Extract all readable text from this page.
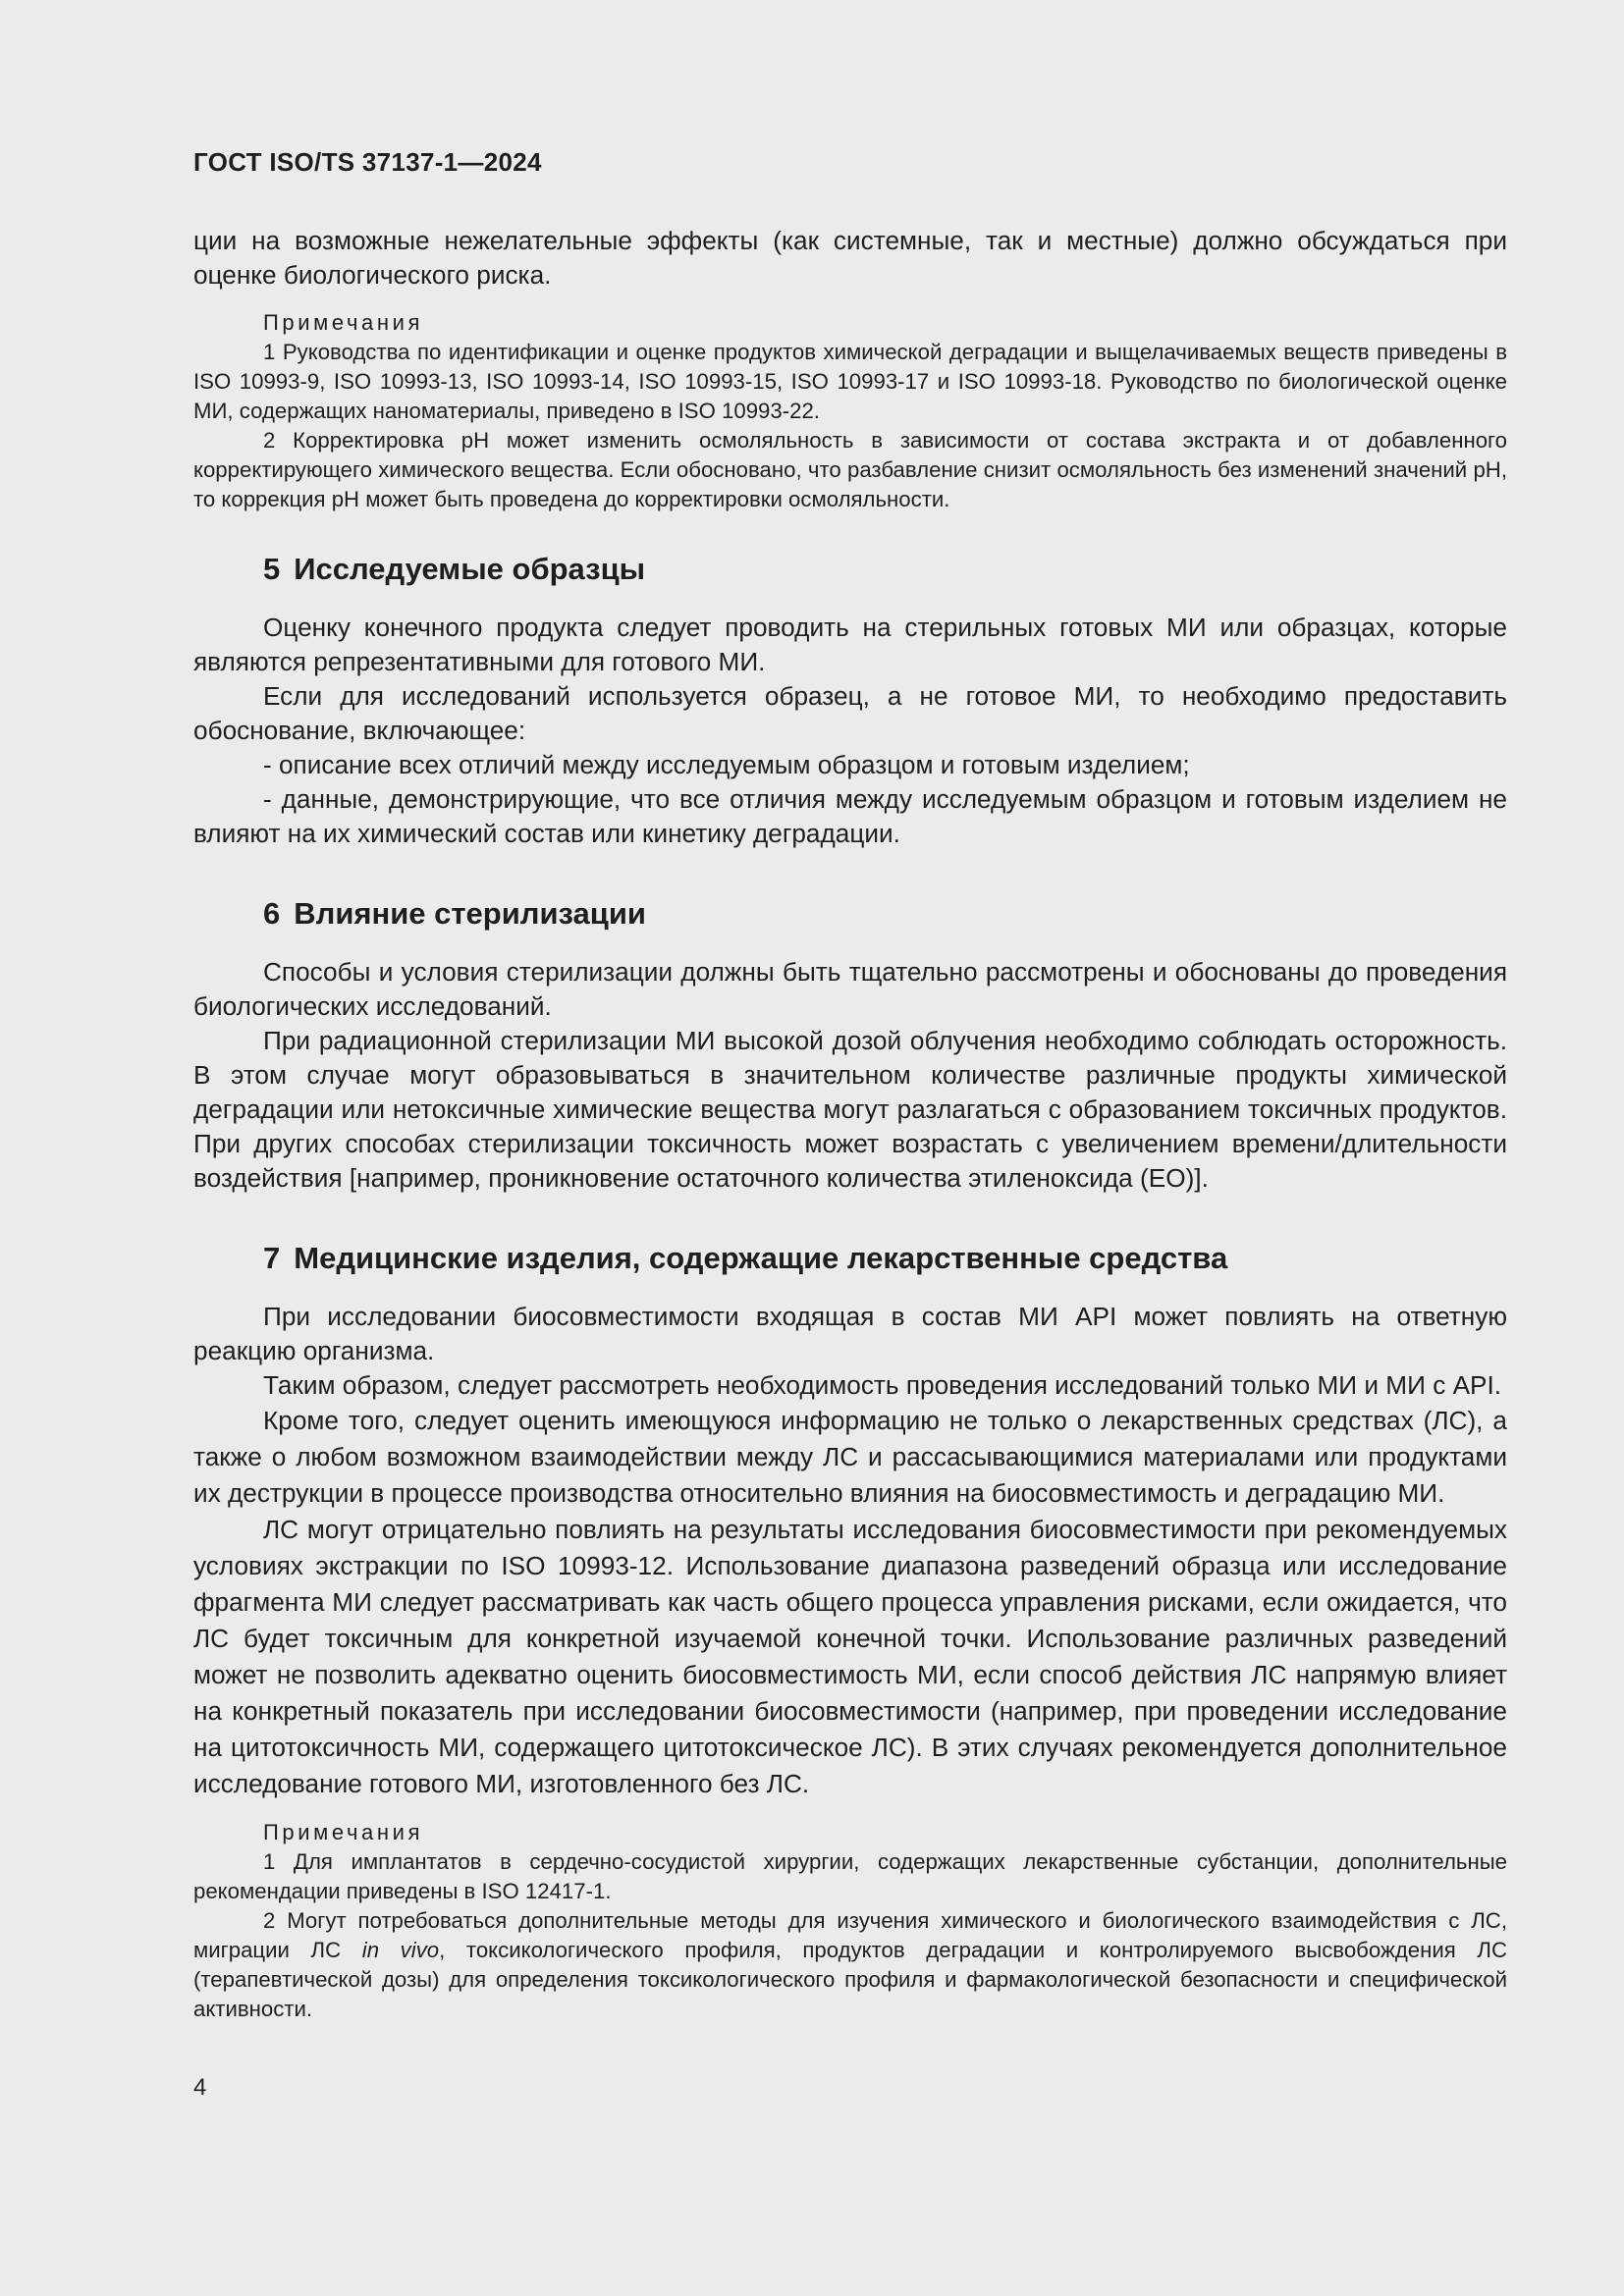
ГОСТ ISO/TS 37137-1—2024

ции на возможные нежелательные эффекты (как системные, так и местные) должно обсуждаться при оценке биологического риска.

Примечания

1 Руководства по идентификации и оценке продуктов химической деградации и выщелачиваемых веществ приведены в ISO 10993-9, ISO 10993-13, ISO 10993-14, ISO 10993-15, ISO 10993-17 и ISO 10993-18. Руководство по биологической оценке МИ, содержащих наноматериалы, приведено в ISO 10993-22.

2 Корректировка рН может изменить осмоляльность в зависимости от состава экстракта и от добавленного корректирующего химического вещества. Если обосновано, что разбавление снизит осмоляльность без изменений значений рН, то коррекция рН может быть проведена до корректировки осмоляльности.

5 Исследуемые образцы

Оценку конечного продукта следует проводить на стерильных готовых МИ или образцах, которые являются репрезентативными для готового МИ.

Если для исследований используется образец, а не готовое МИ, то необходимо предоставить обоснование, включающее:

- описание всех отличий между исследуемым образцом и готовым изделием;

- данные, демонстрирующие, что все отличия между исследуемым образцом и готовым изделием не влияют на их химический состав или кинетику деградации.

6 Влияние стерилизации

Способы и условия стерилизации должны быть тщательно рассмотрены и обоснованы до проведения биологических исследований.

При радиационной стерилизации МИ высокой дозой облучения необходимо соблюдать осторожность. В этом случае могут образовываться в значительном количестве различные продукты химической деградации или нетоксичные химические вещества могут разлагаться с образованием токсичных продуктов. При других способах стерилизации токсичность может возрастать с увеличением времени/длительности воздействия [например, проникновение остаточного количества этиленоксида (ЕО)].

7 Медицинские изделия, содержащие лекарственные средства

При исследовании биосовместимости входящая в состав МИ API может повлиять на ответную реакцию организма.

Таким образом, следует рассмотреть необходимость проведения исследований только МИ и МИ с API.

Кроме того, следует оценить имеющуюся информацию не только о лекарственных средствах (ЛС), а также о любом возможном взаимодействии между ЛС и рассасывающимися материалами или продуктами их деструкции в процессе производства относительно влияния на биосовместимость и деградацию МИ.

ЛС могут отрицательно повлиять на результаты исследования биосовместимости при рекомендуемых условиях экстракции по ISO 10993-12. Использование диапазона разведений образца или исследование фрагмента МИ следует рассматривать как часть общего процесса управления рисками, если ожидается, что ЛС будет токсичным для конкретной изучаемой конечной точки. Использование различных разведений может не позволить адекватно оценить биосовместимость МИ, если способ действия ЛС напрямую влияет на конкретный показатель при исследовании биосовместимости (например, при проведении исследование на цитотоксичность МИ, содержащего цитотоксическое ЛС). В этих случаях рекомендуется дополнительное исследование готового МИ, изготовленного без ЛС.

Примечания

1 Для имплантатов в сердечно-сосудистой хирургии, содержащих лекарственные субстанции, дополнительные рекомендации приведены в ISO 12417-1.

2 Могут потребоваться дополнительные методы для изучения химического и биологического взаимодействия с ЛС, миграции ЛС in vivo, токсикологического профиля, продуктов деградации и контролируемого высвобождения ЛС (терапевтической дозы) для определения токсикологического профиля и фармакологической безопасности и специфической активности.

4
